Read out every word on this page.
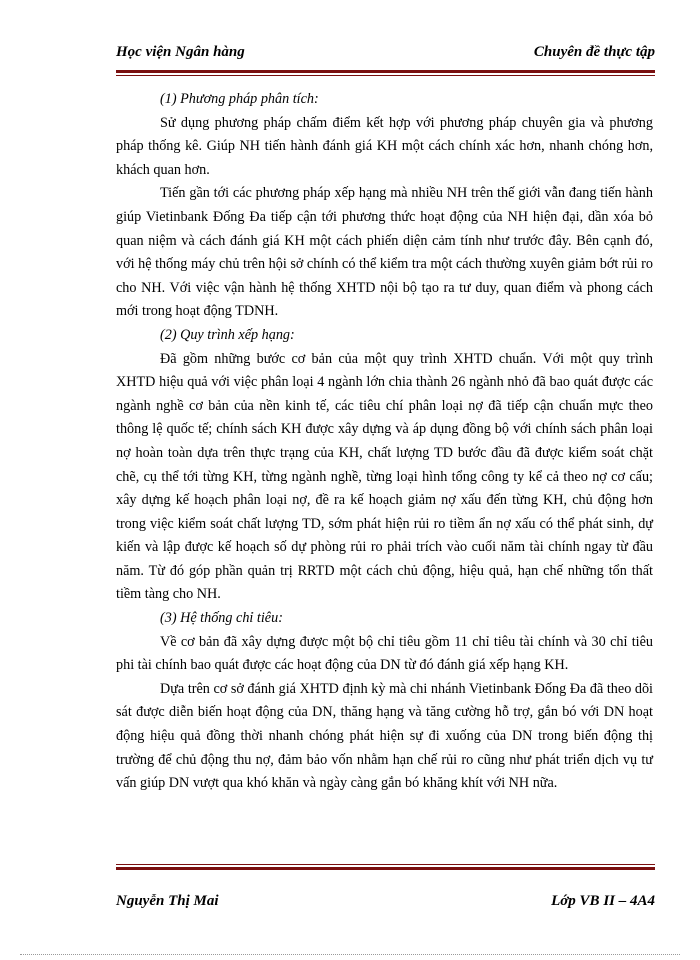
Học viện Ngân hàng	Chuyên đề thực tập

(1) Phương pháp phân tích:

Sử dụng phương pháp chấm điểm kết hợp với phương pháp chuyên gia và phương pháp thống kê. Giúp NH tiến hành đánh giá KH một cách chính xác hơn, nhanh chóng hơn, khách quan hơn.

Tiến gần tới các phương pháp xếp hạng mà nhiều NH trên thế giới vẫn đang tiến hành giúp Vietinbank Đống Đa tiếp cận tới phương thức hoạt động của NH hiện đại, dần xóa bỏ quan niệm và cách đánh giá KH một cách phiến diện cảm tính như trước đây. Bên cạnh đó, với hệ thống máy chủ trên hội sở chính có thể kiểm tra một cách thường xuyên giảm bớt rủi ro cho NH. Với việc vận hành hệ thống XHTD nội bộ tạo ra tư duy, quan điểm và phong cách mới trong hoạt động TDNH.

(2) Quy trình xếp hạng:

Đã gồm những bước cơ bản của một quy trình XHTD chuẩn. Với một quy trình XHTD hiệu quả với việc phân loại 4 ngành lớn chia thành 26 ngành nhỏ đã bao quát được các ngành nghề cơ bản của nền kinh tế, các tiêu chí phân loại nợ đã tiếp cận chuẩn mực theo thông lệ quốc tế; chính sách KH được xây dựng và áp dụng đồng bộ với chính sách phân loại nợ hoàn toàn dựa trên thực trạng của KH, chất lượng TD bước đầu đã được kiểm soát chặt chẽ, cụ thể tới từng KH, từng ngành nghề, từng loại hình tổng công ty kể cả theo nợ cơ cấu; xây dựng kế hoạch phân loại nợ, đề ra kế hoạch giảm nợ xấu đến từng KH, chủ động hơn trong việc kiểm soát chất lượng TD, sớm phát hiện rủi ro tiềm ẩn nợ xấu có thể phát sinh, dự kiến và lập được kế hoạch số dự phòng rủi ro phải trích vào cuối năm tài chính ngay từ đầu năm. Từ đó góp phần quản trị RRTD một cách chủ động, hiệu quả, hạn chế những tổn thất tiềm tàng cho NH.

(3) Hệ thống chỉ tiêu:

Về cơ bản đã xây dựng được một bộ chỉ tiêu gồm 11 chỉ tiêu tài chính và 30 chỉ tiêu phi tài chính bao quát được các hoạt động của DN từ đó đánh giá xếp hạng KH.

Dựa trên cơ sở đánh giá XHTD định kỳ mà chi nhánh Vietinbank Đống Đa đã theo dõi sát được diễn biến hoạt động của DN, thăng hạng và tăng cường hỗ trợ, gắn bó với DN hoạt động hiệu quả đồng thời nhanh chóng phát hiện sự đi xuống của DN trong biến động thị trường để chủ động thu nợ, đảm bảo vốn nhằm hạn chế rủi ro cũng như phát triển dịch vụ tư vấn giúp DN vượt qua khó khăn và ngày càng gắn bó khăng khít với NH nữa.

Nguyễn Thị Mai	Lớp VB II – 4A4
